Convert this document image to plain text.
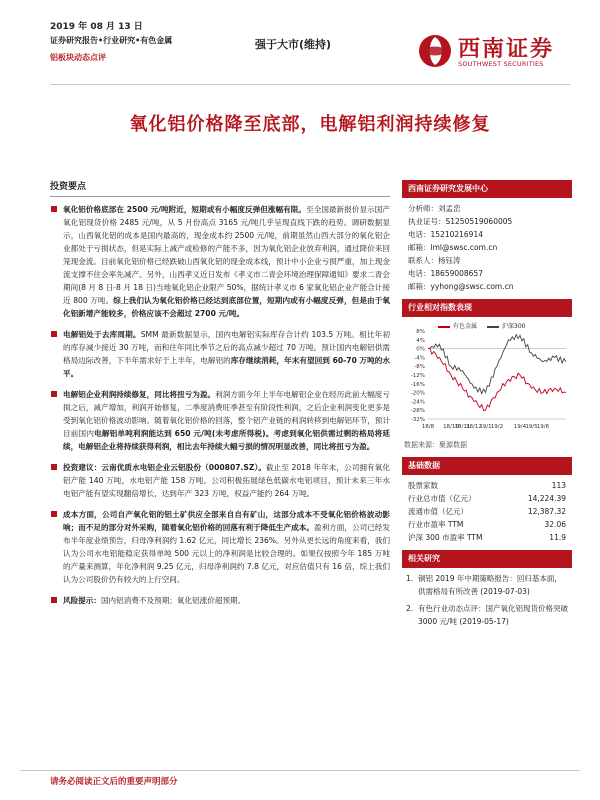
2019 年 08 月 13 日
证券研究报告•行业研究•有色金属
铝板块动态点评
强于大市(维持)	西南证券
SOUTHWEST SECURITIES
氧化铝价格降至底部，电解铝利润持续修复
投资要点
氧化铝价格底部在 2500 元/吨附近，短期或有小幅度反弹但涨幅有限。至全国最新报价显示国产氧化铝现货价格 2485 元/吨，从 5 月份高点 3165 元/吨几乎呈现直线下跌的趋势。调研数据显示，山西氧化铝的成本是国内最高的，现金成本约 2500 元/吨，前期虽然山西大部分的氧化铝企业都处于亏损状态，但是实际上减产或检修的产能不多，因为氧化铝企业放弃利润，通过降价来回笼现金流。目前氧化铝价格已经跌破山西氧化铝的现金成本线，预计中小企业亏损严重，加上现金流支撑不住会率先减产。另外，山西孝义近日发布《孝义市二青会环境治理保障通知》要求二青会期间(8 月 8 日-8 月 18 日)当地氧化铝企业限产 50%，据统计孝义市 6 家氧化铝企业产能合计接近 800 万吨。综上我们认为氧化铝价格已经达到底部位置，短期内或有小幅度反弹，但是由于氧化铝新增产能较多，价格应该不会超过 2700 元/吨。
电解铝处于去库周期。SMM 最新数据显示，国内电解铝实际库存合计约 103.5 万吨。相比年初的库存减少接近 30 万吨，而和往年同比季节之后的高点减少超过 70 万吨。预计国内电解铝供需格局边际改善，下半年需求好于上半年，电解铝的库存继续消耗，年末有望回到 60-70 万吨的水平。
电解铝企业利润持续修复，同比将扭亏为盈。利润方面今年上半年电解铝企业在经历此前大幅度亏损之后，减产增加，利润开始修复，二季度消费旺季甚至有阶段性利润，之后企业利润变化更多是受到氧化铝价格波动影响。随着氧化铝价格的回落，整个铝产业链的利润转移到电解铝环节，预计目前国内电解铝单吨利润能达到 650 元/吨(未考虑所得税)。考虑到氧化铝供需过剩的格局将延续，电解铝企业将持续获得利润，相比去年持续大幅亏损的情况明显改善，同比将扭亏为盈。
投资建议：云南优质水电铝企业云铝股份（000807.SZ）。截止至 2018 年年末，公司拥有氧化铝产能 140 万吨，水电铝产能 158 万吨。公司积极拓展绿色低碳水电铝项目，预计未来三年水电铝产能有望实现翻倍增长，达到年产 323 万吨，权益产能约 264 万吨。
成本方面，公司自产氧化铝的铝土矿供应全部来自自有矿山，这部分成本不受氧化铝价格波动影响；而不足的部分对外采购，随着氧化铝价格的回落有利于降低生产成本。盈利方面，公司已经发布半年度业绩预告，归母净利润约 1.62 亿元，同比增长 236%。另外从更长远的角度来看，我们认为公司水电铝能稳定获得单吨 500 元以上的净利润是比较合理的。如果仅按照今年 185 万吨的产量来测算，年化净利润 9.25 亿元，归母净利润约 7.8 亿元，对应估值只有 16 倍，综上我们认为公司股价仍有较大的上行空间。
风险提示：国内铝消费不及预期；氧化铝涨价超预期。
西南证券研究发展中心
分析师：刘孟峦
执业证号：S1250519060005
电话：15210216914
邮箱：lml@swsc.com.cn
联系人：杨钰涛
电话：18659008657
邮箱：yyhong@swsc.com.cn
行业相对指数表现
8%
4%
0%
-4%
-8%
-12%
-16%
-20%
-24%
-28%
-32%
18/8 18/10
18/11
18/12
19/1 19/2 19/4 19/5 19/6
有色金属	沪深300
数据来源：聚源数据
基础数据
股票家数	113
行业总市值（亿元）	14,224.39
流通市值（亿元）	12,387.32
行业市盈率 TTM	32.06
沪深 300 市盈率 TTM	11.9
相关研究
1. 铜铝 2019 年中期策略报告：回归基本面，供需格局有所改善 (2019-07-03)
2. 有色行业动态点评：国产氧化铝现货价格突破 3000 元/吨 (2019-05-17)
请务必阅读正文后的重要声明部分
